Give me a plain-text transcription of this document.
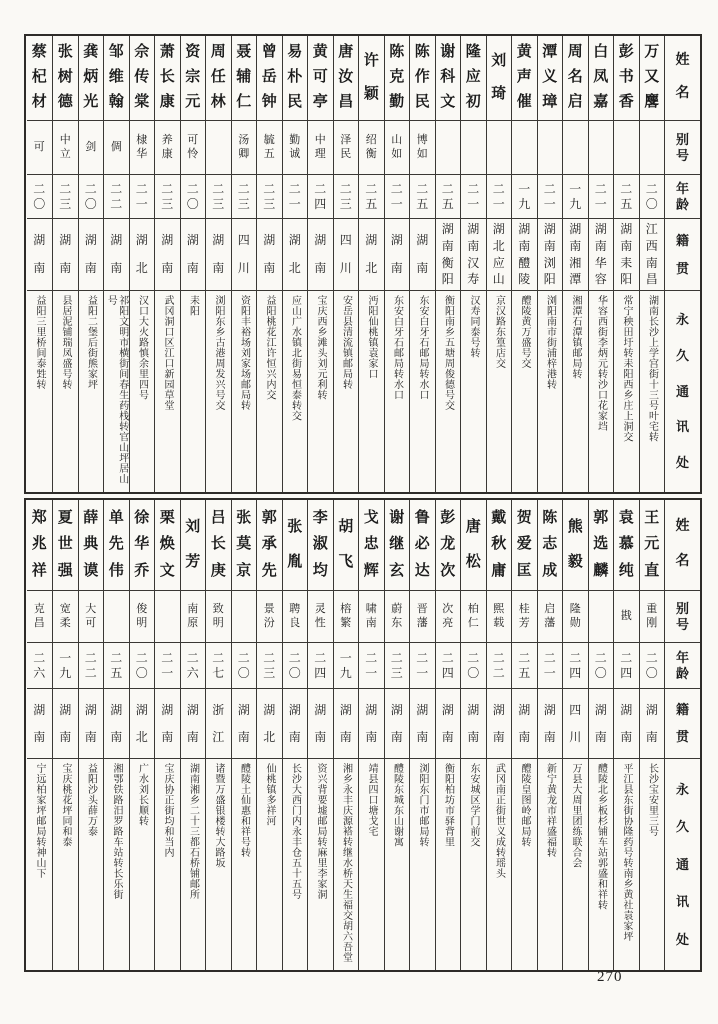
姓
名
别
号
年
龄
籍
贯
永
久
通
讯
处
万
又
麐
二
〇
江
西
南
昌
湖南长沙上学宫街十三号叶宅转
彭
书
香
二
五
湖
南
耒
阳
常宁秧田圩转耒阳西乡庄上洞交
白
凤
嘉
二
一
湖
南
华
容
华容西街李炳元转沙口花家垱
周
名
启
一
九
湖
南
湘
潭
湘潭石潭镇邮局转
潭
义
璋
二
一
湖
南
浏
阳
浏阳南市街浦梓港转
黄
声
催
一
九
湖
南
醴
陵
醴陵黄万盛号交
刘
琦
二
一
湖
北
应
山
京汉路东篁店交
隆
应
初
二
一
湖
南
汉
寿
汉寿同泰号转
谢
科
文
二
五
湖
南
衡
阳
衡阳南乡五塘周俊德号交
陈
作
民
博
如
二
五
湖
南
东安白牙石邮局转水口
陈
克
勤
山
如
二
一
湖
南
东安白牙石邮局转水口
许
颖
绍
衡
二
五
湖
北
沔阳仙桃镇袁家口
唐
汝
昌
泽
民
二
三
四
川
安岳县清流镇邮局转
黄
可
亭
中
理
二
四
湖
南
宝庆西乡滩头刘元利转
易
朴
民
勤
诚
二
一
湖
北
应山广水镇北街易恒泰转交
曾
岳
钟
毓
五
二
三
湖
南
益阳桃花江许恒兴内交
聂
辅
仁
汤
卿
二
三
四
川
资阳丰裕场刘家场邮局转
周
任
林
二
三
湖
南
浏阳东乡古港周发兴号交
资
宗
元
可
怜
二
〇
湖
南
耒阳
萧
长
康
养
康
二
三
湖
南
武冈洞口区江口新园草堂
佘
传
棠
棣
华
二
一
湖
北
汉口大火路慎余里四号
邹
维
翰
倜
二
二
湖
南
祁阳文明市横街间春生药栈转官山坪居山号
龚
炳
光
剑
二
〇
湖
南
益阳二堡后街熊家坪
张
树
德
中
立
二
三
湖
南
县居泥铺瑞凤盛号转
蔡
杞
材
可
二
〇
湖
南
益阳三里桥间泰甡转
姓
名
别
号
年
龄
籍
贯
永
久
通
讯
处
王
元
直
重
刚
二
〇
湖
南
长沙宝安里三号
袁
慕
纯
戡
二
四
湖
南
平江县东街协隆药号转南乡黄社袁家坪
郭
选
麟
二
〇
湖
南
醴陵北乡板杉铺车站郭盛和祥转
熊
毅
隆
勋
二
四
四
川
万县大周里团练联合会
陈
志
成
启
藩
二
一
湖
南
新宁黄龙市祥盛福转
贺
爱
匡
桂
芳
二
五
湖
南
醴陵皇图岭邮局转
戴
秋
庸
熙
载
二
二
湖
南
武冈南正街世义成转瑶头
唐
松
柏
仁
二
〇
湖
南
东安城区学门前交
彭
龙
次
次
亮
二
四
湖
南
衡阳柏坊市驿背里
鲁
必
达
晋
藩
二
一
湖
南
浏阳东门市邮局转
谢
继
玄
蔚
东
二
三
湖
南
醴陵东城东山谢寓
戈
忠
辉
啸
南
二
一
湖
南
靖县四口塘戈宅
胡
飞
榕
繁
一
九
湖
南
湘乡永丰庆源褡转继水桥天生福交胡六吾堂
李
淑
均
灵
性
二
四
湖
南
资兴背要墟邮局转麻里李家洞
张
胤
聘
良
二
〇
湖
南
长沙大西门内永丰仓五十五号
郭
承
先
景
汾
二
三
湖
北
仙桃镇多祥河
张
莫
京
二
〇
湖
南
醴陵土仙惠和祥号转
吕
长
庚
致
明
二
七
浙
江
诸暨万盛银楼转大路坂
刘
芳
南
原
二
六
湖
南
湖南湘乡二十三都石桥铺邮所
栗
焕
文
二
一
湖
南
宝庆协正街均和当内
徐
华
乔
俊
明
二
〇
湖
北
广水刘长顺转
单
先
伟
二
五
湖
南
湘鄂铁路汨罗路车站转长乐街
薛
典
谟
大
可
二
二
湖
南
益阳沙头薛万泰
夏
世
强
宽
柔
一
九
湖
南
宝庆桃花坪同和泰
郑
兆
祥
克
昌
二
六
湖
南
宁远柏家坪邮局转神山下
270
